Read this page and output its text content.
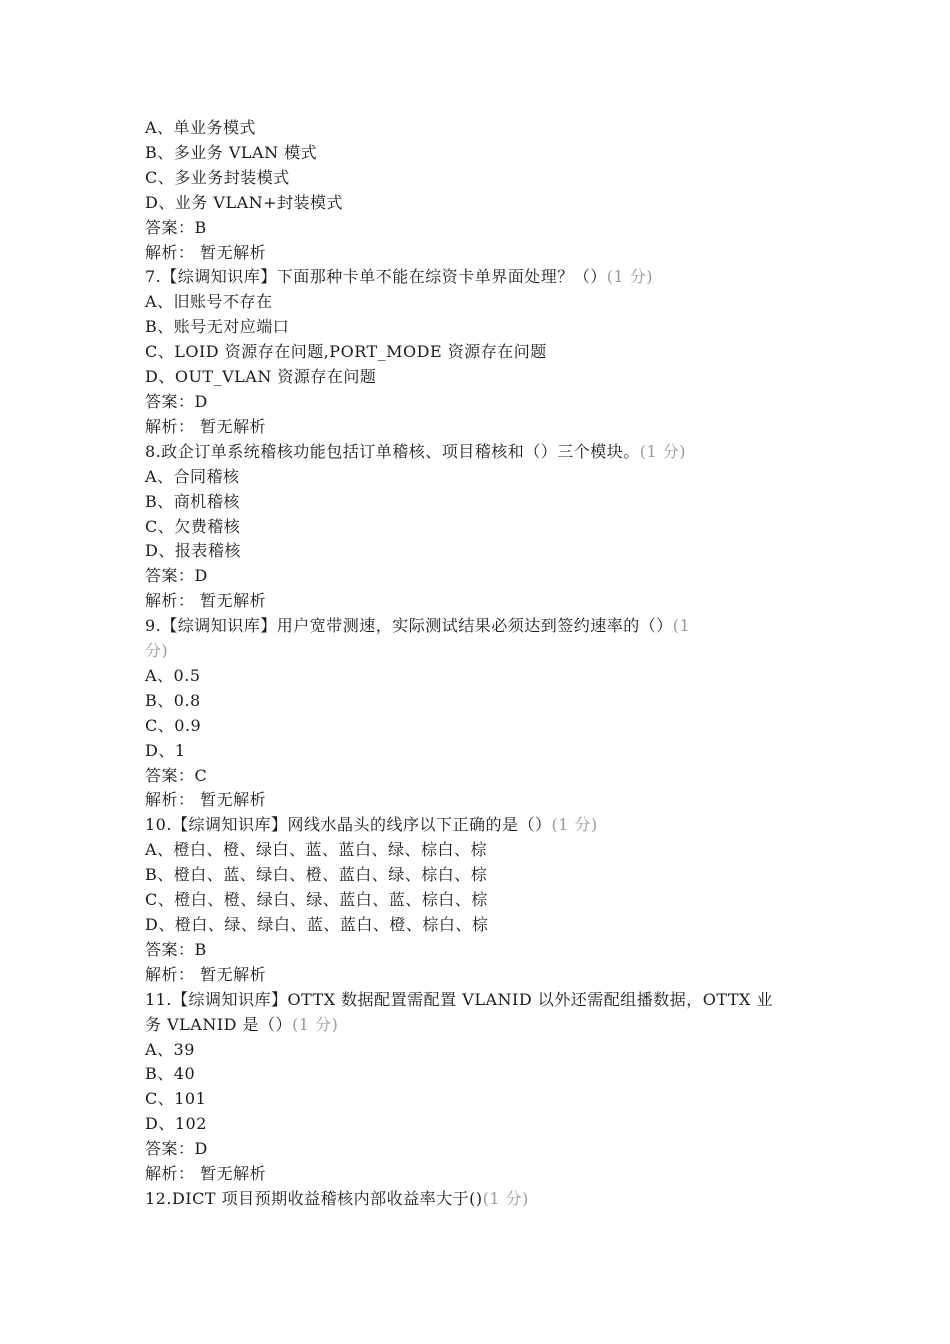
A、单业务模式

B、多业务 VLAN 模式

C、多业务封装模式

D、业务 VLAN+封装模式

答案：B

解析： 暂无解析

7.【综调知识库】下面那种卡单不能在综资卡单界面处理？（）(1 分)

A、旧账号不存在

B、账号无对应端口

C、LOID 资源存在问题,PORT_MODE 资源存在问题

D、OUT_VLAN 资源存在问题

答案：D

解析： 暂无解析

8.政企订单系统稽核功能包括订单稽核、项目稽核和（）三个模块。(1 分)

A、合同稽核

B、商机稽核

C、欠费稽核

D、报表稽核

答案：D

解析： 暂无解析

9.【综调知识库】用户宽带测速，实际测试结果必须达到签约速率的（）(1

分)

A、0.5

B、0.8

C、0.9

D、1

答案：C

解析： 暂无解析

10.【综调知识库】网线水晶头的线序以下正确的是（）(1 分)

A、橙白、橙、绿白、蓝、蓝白、绿、棕白、棕

B、橙白、蓝、绿白、橙、蓝白、绿、棕白、棕

C、橙白、橙、绿白、绿、蓝白、蓝、棕白、棕

D、橙白、绿、绿白、蓝、蓝白、橙、棕白、棕

答案：B

解析： 暂无解析

11.【综调知识库】OTTX 数据配置需配置 VLANID 以外还需配组播数据，OTTX 业

务 VLANID 是（）(1 分)

A、39

B、40

C、101

D、102

答案：D

解析： 暂无解析

12.DICT 项目预期收益稽核内部收益率大于()(1 分)
